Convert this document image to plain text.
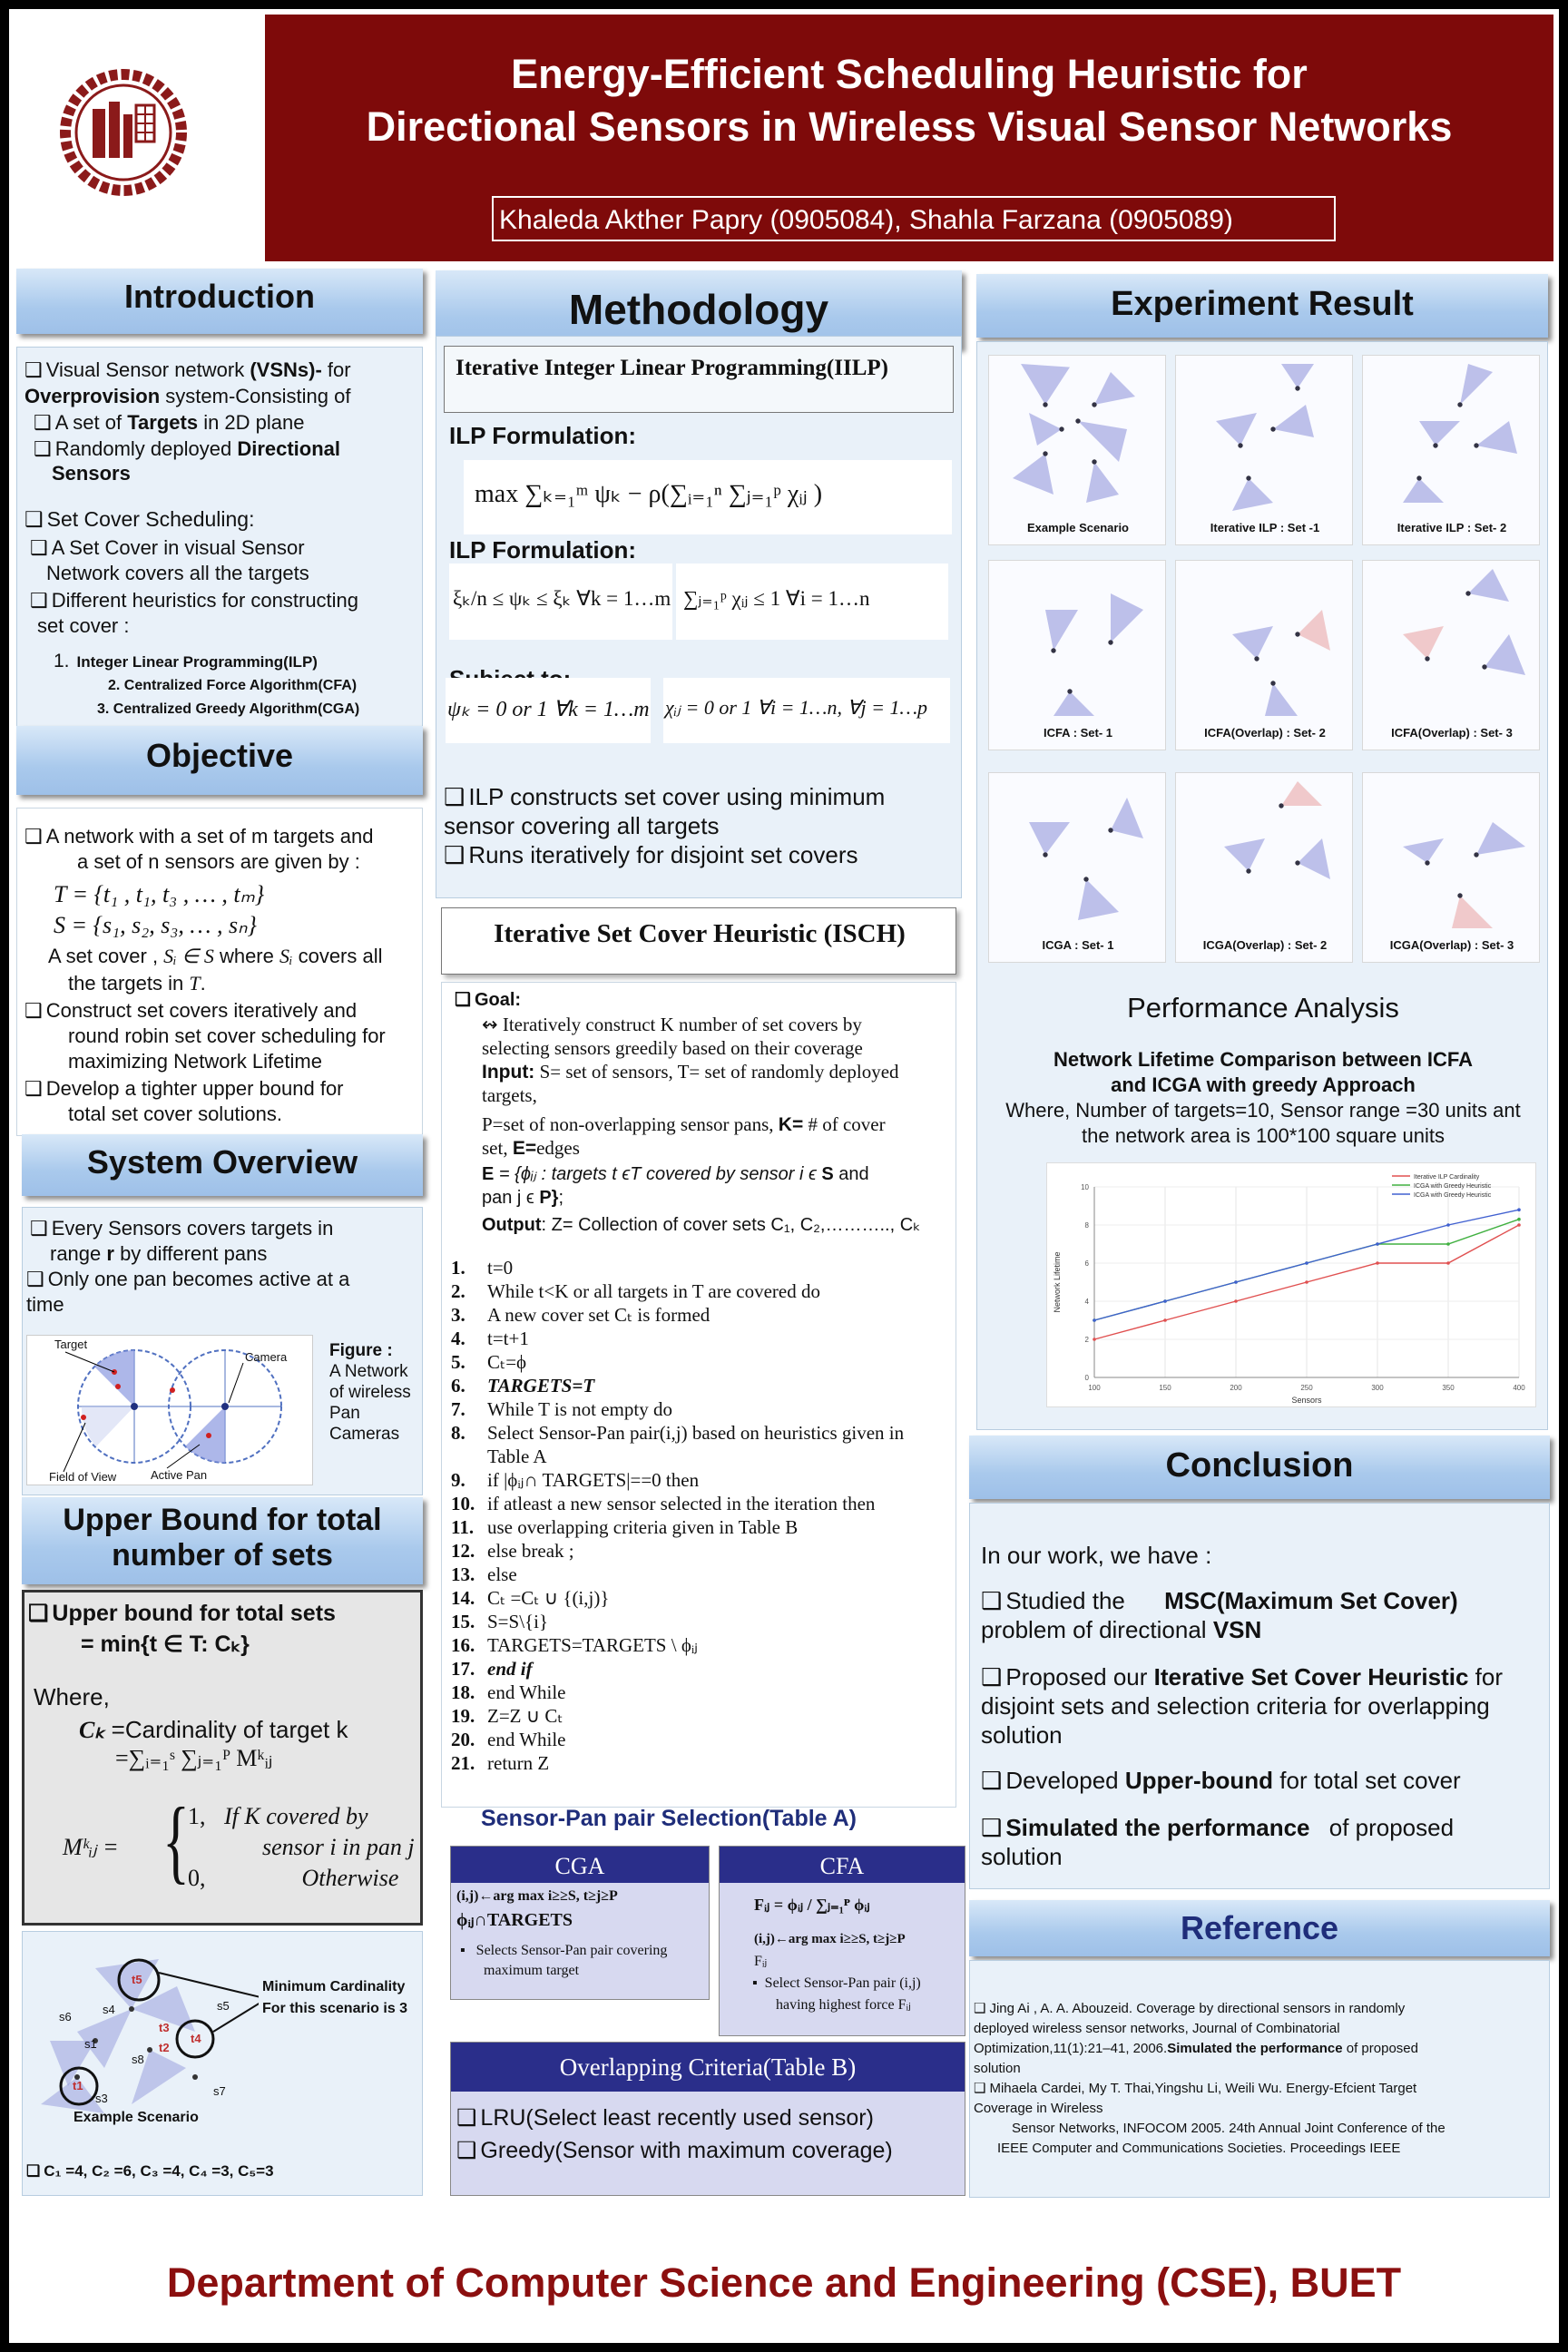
Energy-Efficient Scheduling Heuristic for
Directional Sensors in Wireless Visual Sensor Networks
Khaleda Akther Papry (0905084), Shahla Farzana (0905089)
Introduction
❑ Visual Sensor network (VSNs)- for
Overprovision system-Consisting of
❑ A set of Targets in 2D plane
❑ Randomly deployed Directional
Sensors
❑ Set Cover Scheduling:
❑ A Set Cover in visual Sensor
Network covers all the targets
❑ Different heuristics for constructing
set cover :
1. Integer Linear Programming(ILP)
2. Centralized Force Algorithm(CFA)
3. Centralized Greedy Algorithm(CGA)
Objective
❑ A network with a set of m targets and
a set of n sensors are given by :
T = {t₁ , t₁, t₃ , … , tₘ}
S = {s₁, s₂, s₃, … , sₙ}
A set cover , Sᵢ ∈ S where Sᵢ covers all
the targets in T.
❑ Construct set covers iteratively and
round robin set cover scheduling for
maximizing Network Lifetime
❑ Develop a tighter upper bound for
total set cover solutions.
System Overview
❑ Every Sensors covers targets in
range r by different pans
❑ Only one pan becomes active at a
time
Target
Camera
Field of View	Active Pan
Figure :
A Network
of wireless
Pan
Cameras
Upper Bound for total
number of sets
❑ Upper bound for total sets
= min{t ∈ T: Cₖ}
Where,
Cₖ =Cardinality of target k
=∑ᵢ₌₁ˢ ∑ⱼ₌₁ᴾ Mᵏᵢⱼ
Mᵏᵢⱼ = {
1, If K covered by
sensor i in pan j
0,	Otherwise
t5
t4
t1
t3
t2
s6
s4
s1
s8
s5
s7
s3
Minimum Cardinality
For this scenario is 3
Example Scenario
❑ C₁ =4, C₂ =6, C₃ =4, C₄ =3, C₅=3
Methodology
Iterative Integer Linear Programming(IILP)
ILP Formulation:
max ∑ₖ₌₁ᵐ ψₖ − ρ(∑ᵢ₌₁ⁿ ∑ⱼ₌₁ᵖ χᵢⱼ )
ILP Formulation:
ξₖ/n ≤ ψₖ ≤ ξₖ ∀k = 1…m ∑ⱼ₌₁ᵖ χᵢⱼ ≤ 1 ∀i = 1…n
ψₖ = 0 or 1 ∀k = 1…m χᵢⱼ = 0 or 1 ∀i = 1…n, ∀j = 1…p
❑ ILP constructs set cover using minimum
sensor covering all targets
❑ Runs iteratively for disjoint set covers
Iterative Set Cover Heuristic (ISCH)
❑ Goal:
↭ Iteratively construct K number of set covers by
selecting sensors greedily based on their coverage
Input: S= set of sensors, T= set of randomly deployed
targets,
P=set of non-overlapping sensor pans, K= # of cover
set, E=edges
E = {ϕᵢⱼ : targets t ϵT covered by sensor i ϵ S and
pan j ϵ P};
Output: Z= Collection of cover sets C₁, C₂,……….., Cₖ
1. t=0
2. While t<K or all targets in T are covered do
3. A new cover set Cₜ is formed
4. t=t+1
5. Cₜ=ϕ
6. TARGETS=T
7. While T is not empty do
8. Select Sensor-Pan pair(i,j) based on heuristics given in
Table A
9. if |ϕᵢⱼ∩ TARGETS|==0 then
10. if atleast a new sensor selected in the iteration then
11. use overlapping criteria given in Table B
12. else break ;
13. else
14. Cₜ =Cₜ ∪ {(i,j)}
15. S=S\{i}
16. TARGETS=TARGETS \ ϕᵢⱼ
17. end if
18. end While
19. Z=Z ∪ Cₜ
20. end While
21. return Z
Sensor-Pan pair Selection(Table A)
CGA
(i,j)←arg max i≥≥S, t≥j≥P
ϕᵢⱼ∩TARGETS
▪   Selects Sensor-Pan pair covering
maximum target
CFA
Fᵢⱼ = ϕᵢⱼ / ∑ⱼ₌₁ᴾ ϕᵢⱼ
(i,j)←arg max i≥≥S, t≥j≥P
Fᵢⱼ
▪  Select Sensor-Pan pair (i,j)
having highest force Fᵢⱼ
Overlapping Criteria(Table B)
❑ LRU(Select least recently used sensor)
❑ Greedy(Sensor with maximum coverage)
Experiment Result
Example Scenario	Iterative ILP : Set -1	Iterative ILP : Set- 2
ICFA : Set- 1	ICFA(Overlap) : Set- 2	ICFA(Overlap) : Set- 3
ICGA : Set- 1	ICGA(Overlap) : Set- 2	ICGA(Overlap) : Set- 3
Performance Analysis
Network Lifetime Comparison between ICFA
and ICGA with greedy Approach
Where, Number of targets=10, Sensor range =30 units ant
the network area is 100*100 square units
100	150	200	250	300	350	400
0
2
4
6
8
10
Sensors
Network Lifetime
Iterative ILP Cardinality
ICGA with Greedy Heuristic
ICGA with Greedy Heuristic
Conclusion
In our work, we have :
❑ Studied the MSC(Maximum Set Cover)
problem of directional VSN
❑ Proposed our Iterative Set Cover Heuristic for
disjoint sets and selection criteria for overlapping
solution
❑ Developed Upper-bound for total set cover
❑ Simulated the performance of proposed
solution
Reference
❑ Jing Ai , A. A. Abouzeid. Coverage by directional sensors in randomly
deployed wireless sensor networks, Journal of Combinatorial
Optimization,11(1):21–41, 2006.Simulated the performance of proposed
solution
❑ Mihaela Cardei, My T. Thai,Yingshu Li, Weili Wu. Energy-Efcient Target
Coverage in Wireless
Sensor Networks, INFOCOM 2005. 24th Annual Joint Conference of the
IEEE Computer and Communications Societies. Proceedings IEEE
Department of Computer Science and Engineering (CSE), BUET
